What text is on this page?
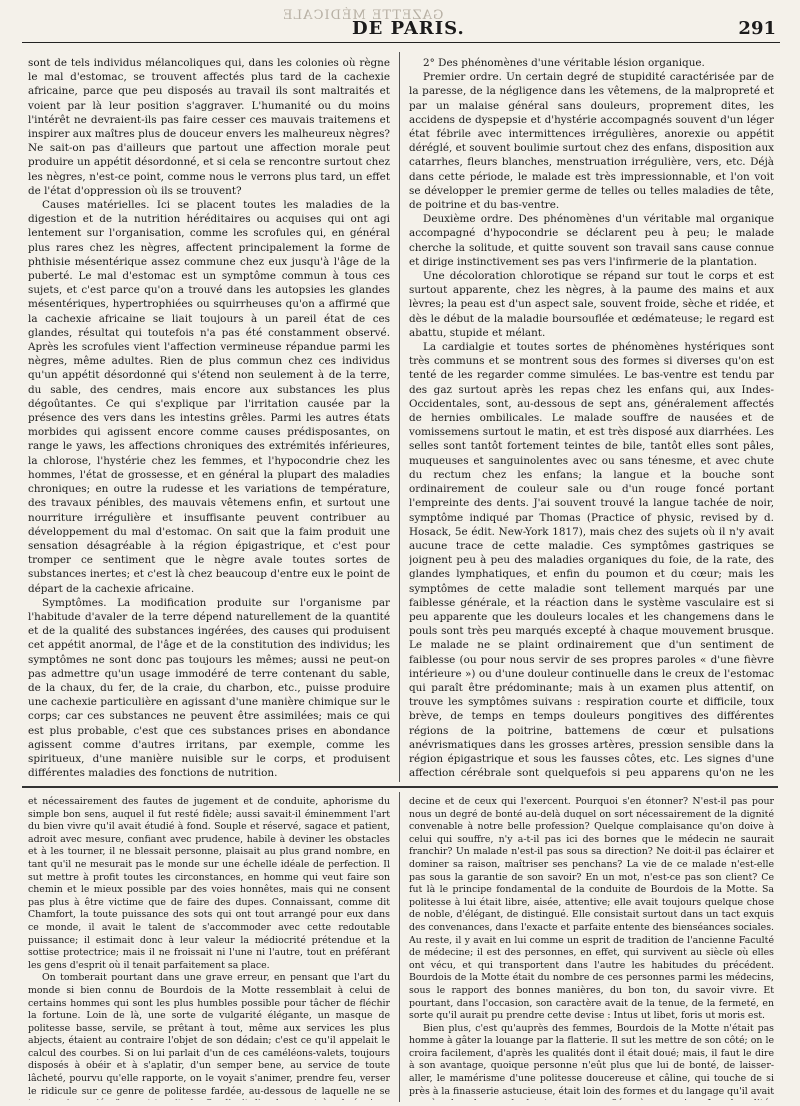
GAZETTE MÉDICALE
DE PARIS.	291

sont de tels individus mélancoliques qui, dans les colonies où règne le mal d'estomac, se trouvent affectés plus tard de la cachexie africaine, parce que peu disposés au travail ils sont maltraités et voient par là leur position s'aggraver. L'humanité ou du moins l'intérêt ne devraient-ils pas faire cesser ces mauvais traitemens et inspirer aux maîtres plus de douceur envers les malheureux nègres? Ne sait-on pas d'ailleurs que partout une affection morale peut produire un appétit désordonné, et si cela se rencontre surtout chez les nègres, n'est-ce point, comme nous le verrons plus tard, un effet de l'état d'oppression où ils se trouvent?

Causes matérielles. Ici se placent toutes les maladies de la digestion et de la nutrition héréditaires ou acquises qui ont agi lentement sur l'organisation, comme les scrofules qui, en général plus rares chez les nègres, affectent principalement la forme de phthisie mésentérique assez commune chez eux jusqu'à l'âge de la puberté. Le mal d'estomac est un symptôme commun à tous ces sujets, et c'est parce qu'on a trouvé dans les autopsies les glandes mésentériques, hypertrophiées ou squirrheuses qu'on a affirmé que la cachexie africaine se liait toujours à un pareil état de ces glandes, résultat qui toutefois n'a pas été constamment observé. Après les scrofules vient l'affection vermineuse répandue parmi les nègres, même adultes. Rien de plus commun chez ces individus qu'un appétit désordonné qui s'étend non seulement à de la terre, du sable, des cendres, mais encore aux substances les plus dégoûtantes. Ce qui s'explique par l'irritation causée par la présence des vers dans les intestins grêles. Parmi les autres états morbides qui agissent encore comme causes prédisposantes, on range le yaws, les affections chroniques des extrémités inférieures, la chlorose, l'hystérie chez les femmes, et l'hypocondrie chez les hommes, l'état de grossesse, et en général la plupart des maladies chroniques; en outre la rudesse et les variations de température, des travaux pénibles, des mauvais vêtemens enfin, et surtout une nourriture irrégulière et insuffisante peuvent contribuer au développement du mal d'estomac. On sait que la faim produit une sensation désagréable à la région épigastrique, et c'est pour tromper ce sentiment que le nègre avale toutes sortes de substances inertes; et c'est là chez beaucoup d'entre eux le point de départ de la cachexie africaine.

Symptômes. La modification produite sur l'organisme par l'habitude d'avaler de la terre dépend naturellement de la quantité et de la qualité des substances ingérées, des causes qui produisent cet appétit anormal, de l'âge et de la constitution des individus; les symptômes ne sont donc pas toujours les mêmes; aussi ne peut-on pas admettre qu'un usage immodéré de terre contenant du sable, de la chaux, du fer, de la craie, du charbon, etc., puisse produire une cachexie particulière en agissant d'une manière chimique sur le corps; car ces substances ne peuvent être assimilées; mais ce qui est plus probable, c'est que ces substances prises en abondance agissent comme d'autres irritans, par exemple, comme les spiritueux, d'une manière nuisible sur le corps, et produisent différentes maladies des fonctions de nutrition.

2° Des phénomènes d'une véritable lésion organique.

Premier ordre. Un certain degré de stupidité caractérisée par de la paresse, de la négligence dans les vêtemens, de la malpropreté et par un malaise général sans douleurs, proprement dites, les accidens de dyspepsie et d'hystérie accompagnés souvent d'un léger état fébrile avec intermittences irrégulières, anorexie ou appétit déréglé, et souvent boulimie surtout chez des enfans, disposition aux catarrhes, fleurs blanches, menstruation irrégulière, vers, etc. Déjà dans cette période, le malade est très impressionnable, et l'on voit se développer le premier germe de telles ou telles maladies de tête, de poitrine et du bas-ventre.

Deuxième ordre. Des phénomènes d'un véritable mal organique accompagné d'hypocondrie se déclarent peu à peu; le malade cherche la solitude, et quitte souvent son travail sans cause connue et dirige instinctivement ses pas vers l'infirmerie de la plantation.

Une décoloration chlorotique se répand sur tout le corps et est surtout apparente, chez les nègres, à la paume des mains et aux lèvres; la peau est d'un aspect sale, souvent froide, sèche et ridée, et dès le début de la maladie boursouflée et œdémateuse; le regard est abattu, stupide et mélant.

La cardialgie et toutes sortes de phénomènes hystériques sont très communs et se montrent sous des formes si diverses qu'on est tenté de les regarder comme simulées. Le bas-ventre est tendu par des gaz surtout après les repas chez les enfans qui, aux Indes-Occidentales, sont, au-dessous de sept ans, généralement affectés de hernies ombilicales. Le malade souffre de nausées et de vomissemens surtout le matin, et est très disposé aux diarrhées. Les selles sont tantôt fortement teintes de bile, tantôt elles sont pâles, muqueuses et sanguinolentes avec ou sans ténesme, et avec chute du rectum chez les enfans; la langue et la bouche sont ordinairement de couleur sale ou d'un rouge foncé portant l'empreinte des dents. J'ai souvent trouvé la langue tachée de noir, symptôme indiqué par Thomas (Practice of physic, revised by d. Hosack, 5e édit. New-York 1817), mais chez des sujets où il n'y avait aucune trace de cette maladie. Ces symptômes gastriques se joignent peu à peu des maladies organiques du foie, de la rate, des glandes lymphatiques, et enfin du poumon et du cœur; mais les symptômes de cette maladie sont tellement marqués par une faiblesse générale, et la réaction dans le système vasculaire est si peu apparente que les douleurs locales et les changemens dans le pouls sont très peu marqués excepté à chaque mouvement brusque. Le malade ne se plaint ordinairement que d'un sentiment de faiblesse (ou pour nous servir de ses propres paroles « d'une fièvre intérieure ») ou d'une douleur continuelle dans le creux de l'estomac qui paraît être prédominante; mais à un examen plus attentif, on trouve les symptômes suivans : respiration courte et difficile, toux brève, de temps en temps douleurs pongitives des différentes régions de la poitrine, battemens de cœur et pulsations anévrismatiques dans les grosses artères, pression sensible dans la région épigastrique et sous les fausses côtes, etc. Les signes d'une affection cérébrale sont quelquefois si peu apparens qu'on ne les

et nécessairement des fautes de jugement et de conduite, aphorisme du simple bon sens, auquel il fut resté fidèle; aussi savait-il éminemment l'art du bien vivre qu'il avait étudié à fond. Souple et réservé, sagace et patient, adroit avec mesure, confiant avec prudence, habile à deviner les obstacles et à les tourner, il ne blessait personne, plaisait au plus grand nombre, en tant qu'il ne mesurait pas le monde sur une échelle idéale de perfection. Il sut mettre à profit toutes les circonstances, en homme qui veut faire son chemin et le mieux possible par des voies honnêtes, mais qui ne consent pas plus à être victime que de faire des dupes. Connaissant, comme dit Chamfort, la toute puissance des sots qui ont tout arrangé pour eux dans ce monde, il avait le talent de s'accommoder avec cette redoutable puissance; il estimait donc à leur valeur la médiocrité prétendue et la sottise protectrice; mais il ne froissait ni l'une ni l'autre, tout en préférant les gens d'esprit où il tenait parfaitement sa place.

On tomberait pourtant dans une grave erreur, en pensant que l'art du monde si bien connu de Bourdois de la Motte ressemblait à celui de certains hommes qui sont les plus humbles possible pour tâcher de fléchir la fortune. Loin de là, une sorte de vulgarité élégante, un masque de politesse basse, servile, se prêtant à tout, même aux services les plus abjects, étaient au contraire l'objet de son dédain; c'est ce qu'il appelait le calcul des courbes. Si on lui parlait d'un de ces caméléons-valets, toujours disposés à obéir et à s'aplatir, d'un semper bene, au service de toute lâcheté, pourvu qu'elle rapporte, on le voyait s'animer, prendre feu, verser le ridicule sur ce genre de politesse fardée, au-dessous de laquelle ne se

decine et de ceux qui l'exercent. Pourquoi s'en étonner? N'est-il pas pour nous un degré de bonté au-delà duquel on sort nécessairement de la dignité convenable à notre belle profession? Quelque complaisance qu'on doive à celui qui souffre, n'y a-t-il pas ici des bornes que le médecin ne saurait franchir? Un malade n'est-il pas sous sa direction? Ne doit-il pas éclairer et dominer sa raison, maîtriser ses penchans? La vie de ce malade n'est-elle pas sous la garantie de son savoir? En un mot, n'est-ce pas son client? Ce fut là le principe fondamental de la conduite de Bourdois de la Motte. Sa politesse à lui était libre, aisée, attentive; elle avait toujours quelque chose de noble, d'élégant, de distingué. Elle consistait surtout dans un tact exquis des convenances, dans l'exacte et parfaite entente des bienséances sociales. Au reste, il y avait en lui comme un esprit de tradition de l'ancienne Faculté de médecine; il est des personnes, en effet, qui survivent au siècle où elles ont vécu, et qui transportent dans l'autre les habitudes du précédent. Bourdois de la Motte était du nombre de ces personnes parmi les médecins, sous le rapport des bonnes manières, du bon ton, du savoir vivre. Et pourtant, dans l'occasion, son caractère avait de la tenue, de la fermeté, en sorte qu'il aurait pu prendre cette devise : Intus ut libet, foris ut moris est.

Bien plus, c'est qu'auprès des femmes, Bourdois de la Motte n'était pas homme à gâter la louange par la flatterie. Il sut les mettre de son côté; on le croira facilement, d'après les qualités dont il était doué; mais, il faut le dire à son avantage, quoique personne n'eût plus que lui de bonté, de laisser-aller, le mamérisme d'une politesse doucereuse et câline, qui touche de si près à la finasserie astucieuse, était loin des formes et du langage qu'il avait
